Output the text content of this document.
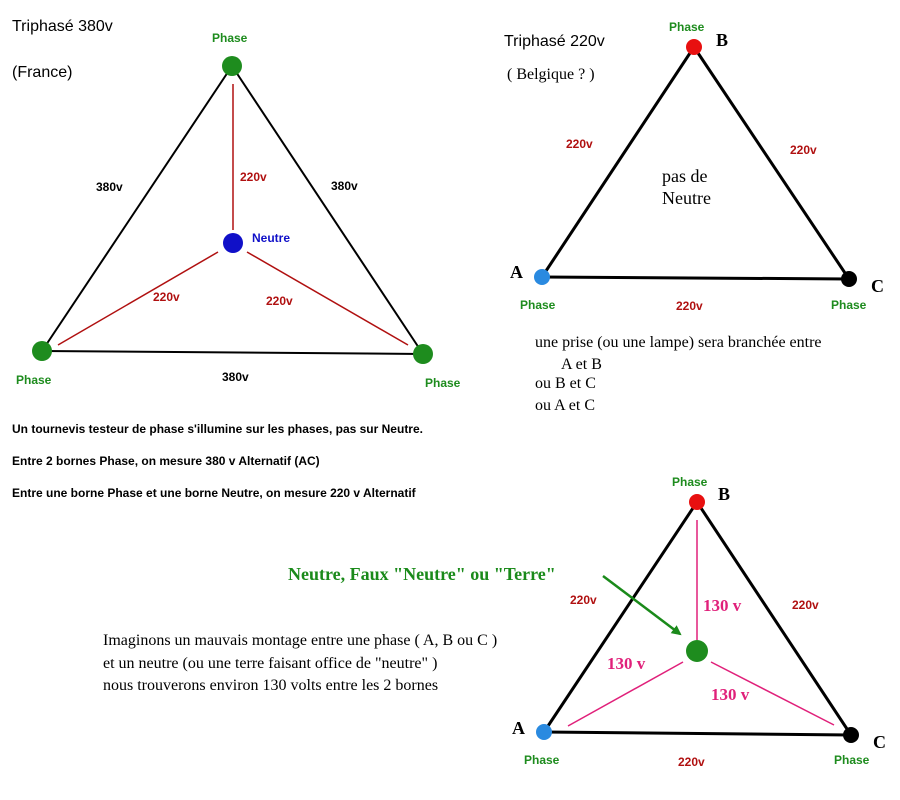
Triphasé 380v
(France)
Phase
Phase	Phase
Neutre
380v	380v
380v
220v
220v	220v
Un tournevis testeur de phase s'illumine sur les phases, pas sur Neutre.
Entre 2 bornes Phase, on mesure 380 v Alternatif (AC)
Entre une borne Phase et une borne Neutre, on mesure 220 v Alternatif
Triphasé 220v
( Belgique ? )
Phase
Phase	Phase
B
A
C
220v	220v
220v
pas de
Neutre
une prise (ou une lampe) sera branchée entre
A et B
ou B et C
ou A et C
Phase
Phase	Phase
B
A
C
220v	220v
220v
130 v
130 v
130 v
Neutre, Faux "Neutre" ou "Terre"
Imaginons un mauvais montage entre une phase ( A, B ou C )
et un neutre (ou une terre faisant office de "neutre" )
nous trouverons environ 130 volts entre les 2 bornes
